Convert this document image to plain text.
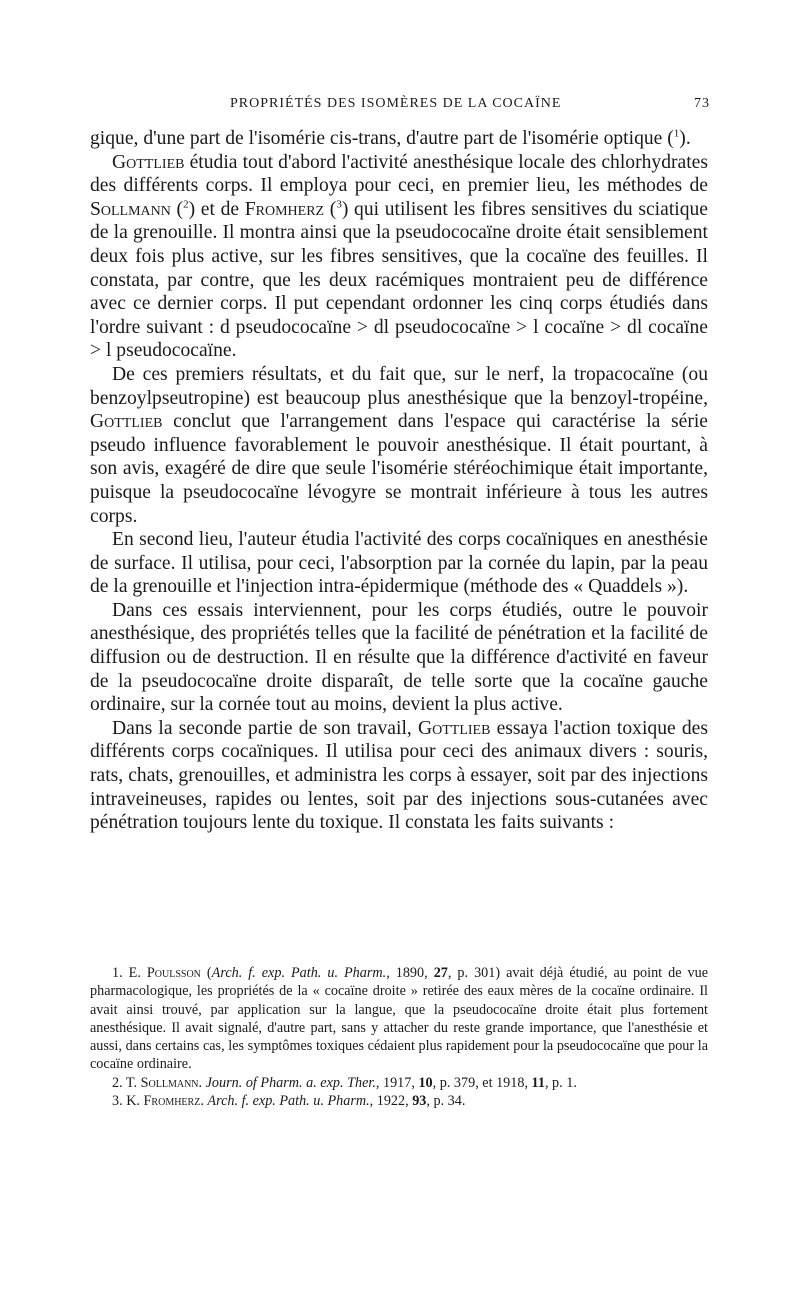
PROPRIÉTÉS DES ISOMÈRES DE LA COCAÏNE	73

gique, d'une part de l'isomérie cis-trans, d'autre part de l'isomérie optique ($^1$).

Gottlieb étudia tout d'abord l'activité anesthésique locale des chlorhydrates des différents corps. Il employa pour ceci, en premier lieu, les méthodes de Sollmann ($^2$) et de Fromherz ($^3$) qui utilisent les fibres sensitives du sciatique de la grenouille. Il montra ainsi que la pseudococaïne droite était sensiblement deux fois plus active, sur les fibres sensitives, que la cocaïne des feuilles. Il constata, par contre, que les deux racémiques montraient peu de différence avec ce dernier corps. Il put cependant ordonner les cinq corps étudiés dans l'ordre suivant : d pseudococaïne > dl pseudococaïne > l cocaïne > dl cocaïne > l pseudococaïne.

De ces premiers résultats, et du fait que, sur le nerf, la tropacocaïne (ou benzoylpseutropine) est beaucoup plus anesthésique que la benzoyl-tropéine, Gottlieb conclut que l'arrangement dans l'espace qui caractérise la série pseudo influence favorablement le pouvoir anesthésique. Il était pourtant, à son avis, exagéré de dire que seule l'isomérie stéréochimique était importante, puisque la pseudococaïne lévogyre se montrait inférieure à tous les autres corps.

En second lieu, l'auteur étudia l'activité des corps cocaïniques en anesthésie de surface. Il utilisa, pour ceci, l'absorption par la cornée du lapin, par la peau de la grenouille et l'injection intra-épidermique (méthode des « Quaddels »).

Dans ces essais interviennent, pour les corps étudiés, outre le pouvoir anesthésique, des propriétés telles que la facilité de pénétration et la facilité de diffusion ou de destruction. Il en résulte que la différence d'activité en faveur de la pseudococaïne droite disparaît, de telle sorte que la cocaïne gauche ordinaire, sur la cornée tout au moins, devient la plus active.

Dans la seconde partie de son travail, Gottlieb essaya l'action toxique des différents corps cocaïniques. Il utilisa pour ceci des animaux divers : souris, rats, chats, grenouilles, et administra les corps à essayer, soit par des injections intraveineuses, rapides ou lentes, soit par des injections sous-cutanées avec pénétration toujours lente du toxique. Il constata les faits suivants :

1. E. Poulsson (Arch. f. exp. Path. u. Pharm., 1890, 27, p. 301) avait déjà étudié, au point de vue pharmacologique, les propriétés de la « cocaïne droite » retirée des eaux mères de la cocaïne ordinaire. Il avait ainsi trouvé, par application sur la langue, que la pseudococaïne droite était plus fortement anesthésique. Il avait signalé, d'autre part, sans y attacher du reste grande importance, que l'anesthésie et aussi, dans certains cas, les symptômes toxiques cédaient plus rapidement pour la pseudococaïne que pour la cocaïne ordinaire.

2. T. Sollmann. Journ. of Pharm. a. exp. Ther., 1917, 10, p. 379, et 1918, 11, p. 1.

3. K. Fromherz. Arch. f. exp. Path. u. Pharm., 1922, 93, p. 34.
